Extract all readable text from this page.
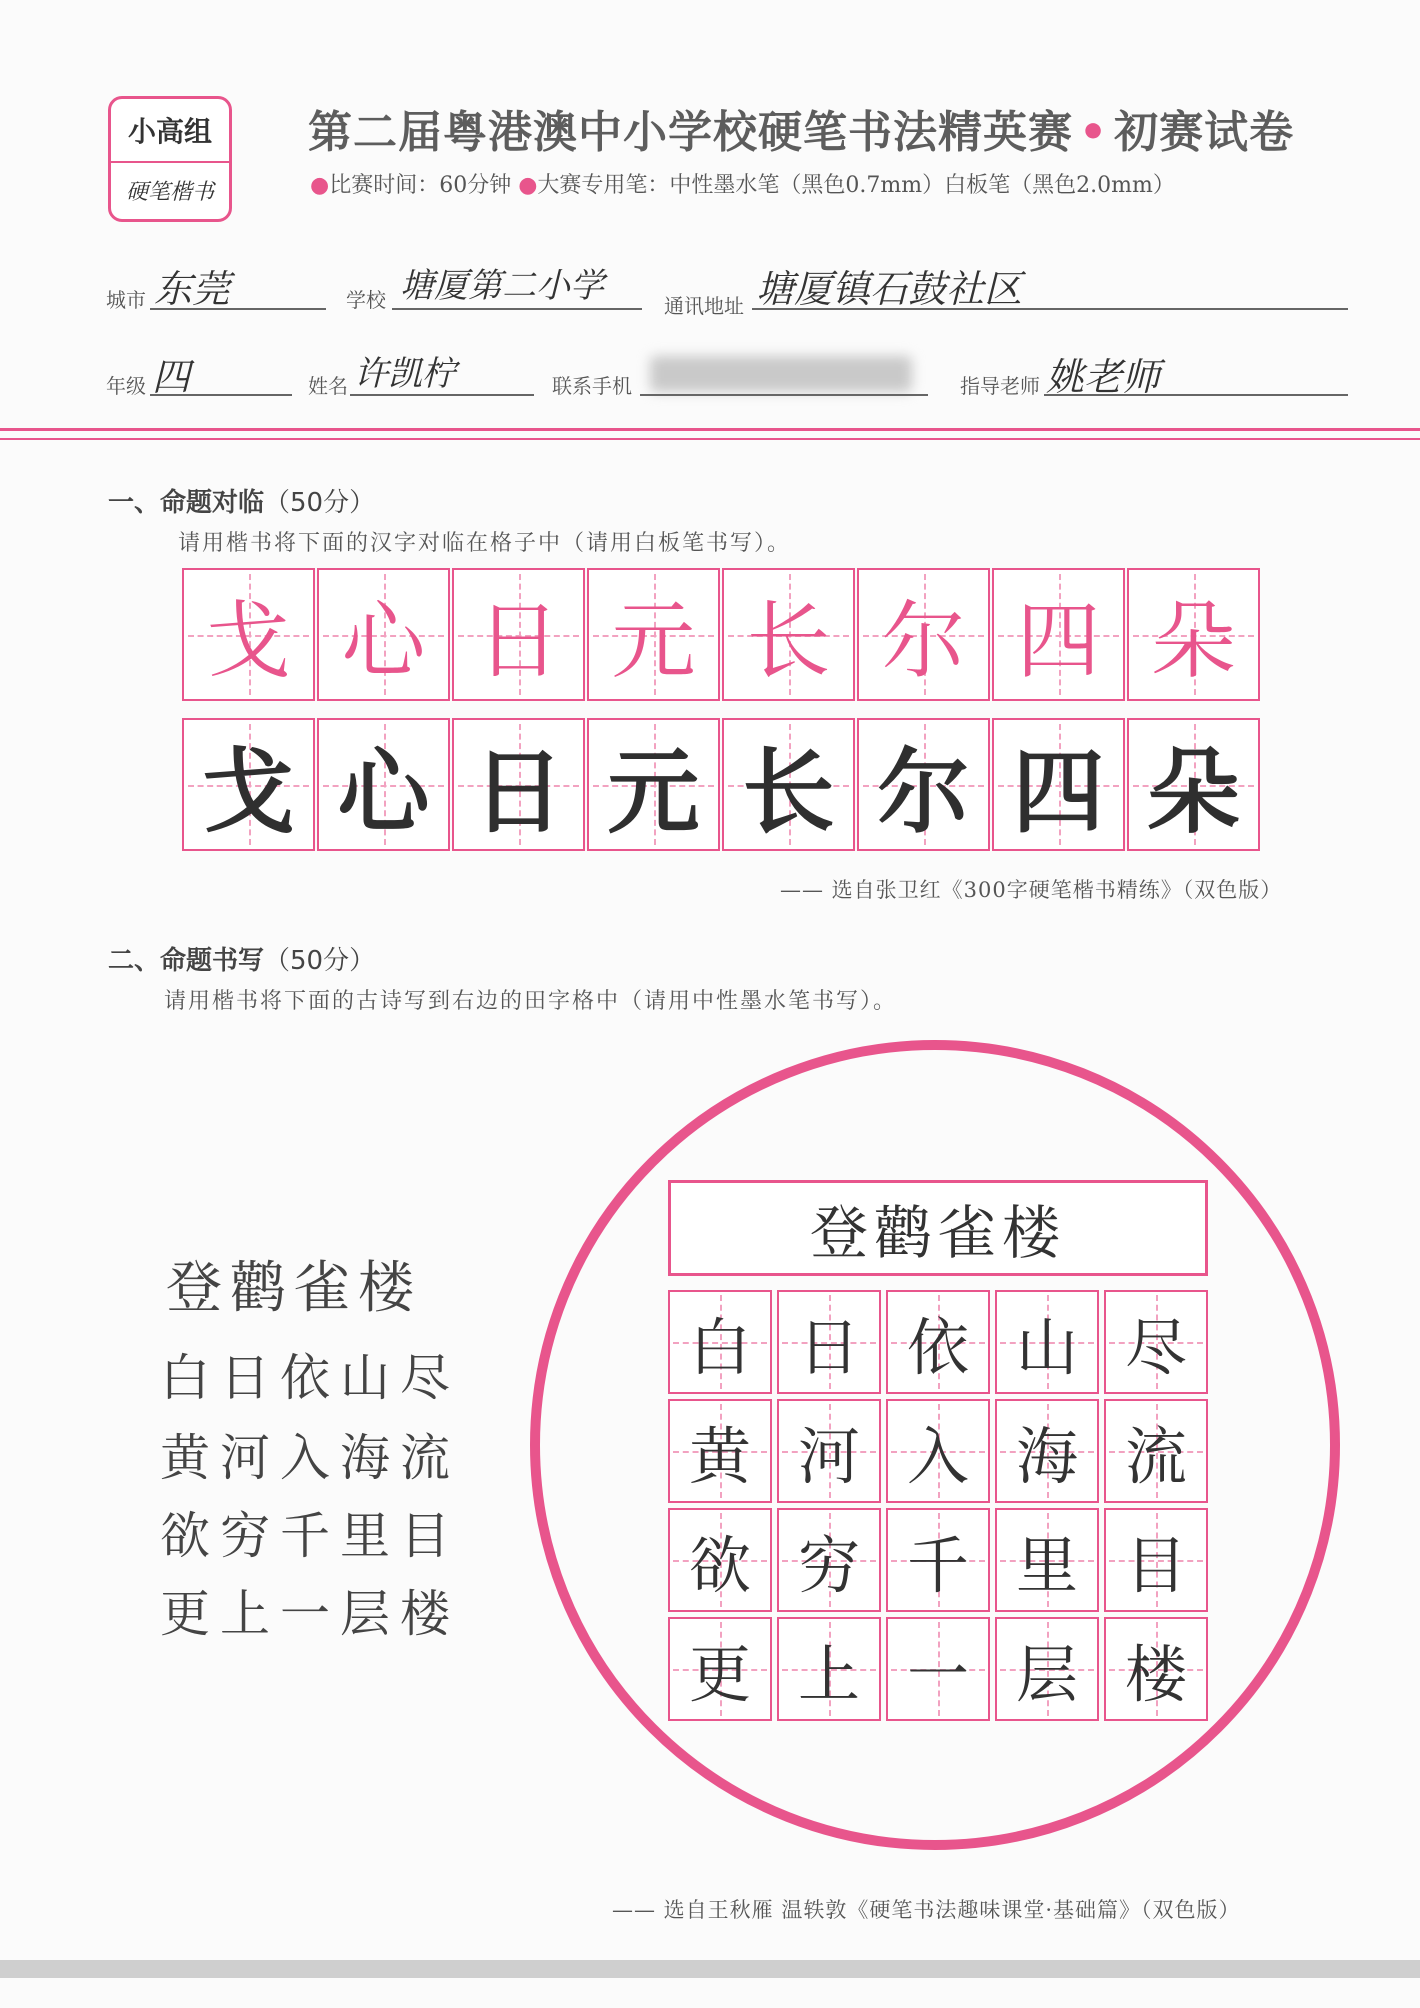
小高组
硬笔楷书
第二届粤港澳中小学校硬笔书法精英赛 • 初赛试卷
●比赛时间：60分钟 ●大赛专用笔：中性墨水笔（黑色0.7mm）白板笔（黑色2.0mm）
城市 东莞	学校 塘厦第二小学	通讯地址 塘厦镇石鼓社区
年级 四	姓名 许凯柠	联系手机	指导老师 姚老师
一、命题对临（50分）
请用楷书将下面的汉字对临在格子中（请用白板笔书写）。
戈 心 日 元 长 尔 四 朵
戈 心 日 元 长 尔 四 朵
—— 选自张卫红《300字硬笔楷书精练》（双色版）
二、命题书写（50分）
请用楷书将下面的古诗写到右边的田字格中（请用中性墨水笔书写）。
登鹳雀楼
白日依山尽
黄河入海流
欲穷千里目
更上一层楼
登鹳雀楼
白 日 依 山 尽
黄 河 入 海 流
欲 穷 千 里 目
更 上 一 层 楼
—— 选自王秋雁 温轶敦《硬笔书法趣味课堂·基础篇》（双色版）
